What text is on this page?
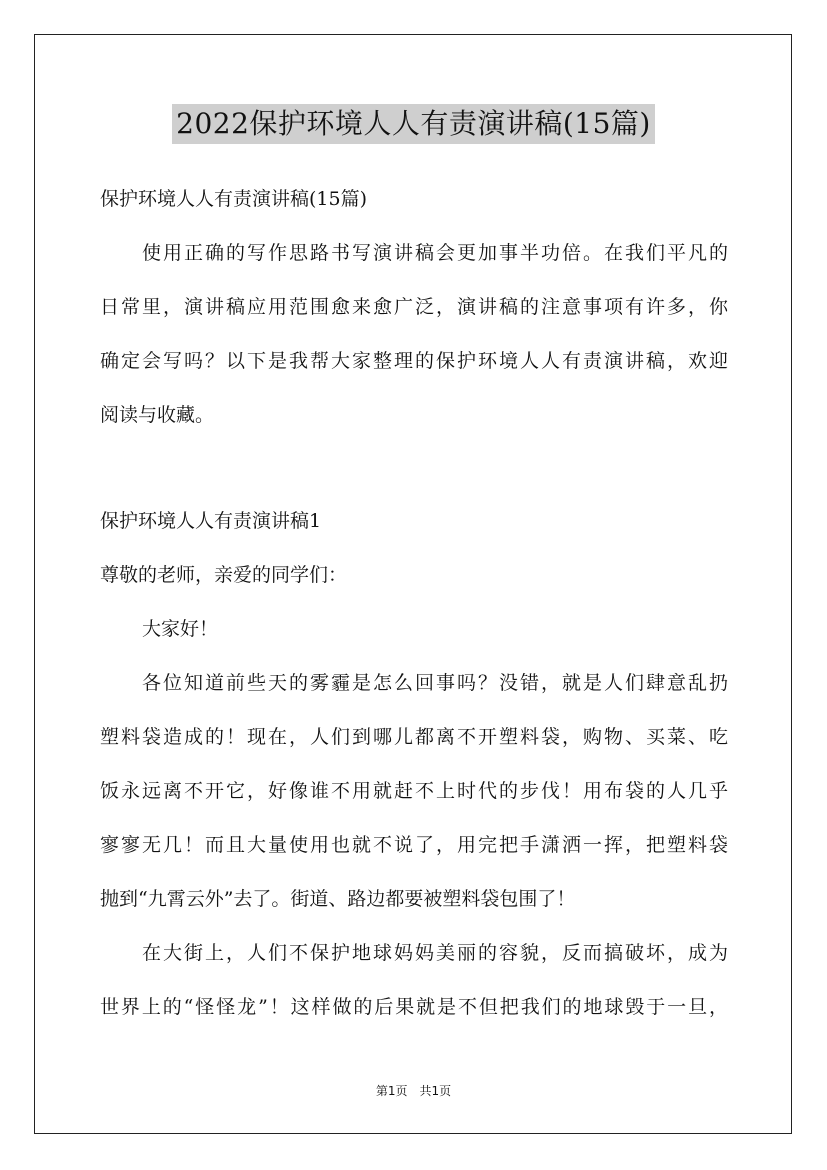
2022保护环境人人有责演讲稿(15篇)
保护环境人人有责演讲稿(15篇)
使用正确的写作思路书写演讲稿会更加事半功倍。在我们平凡的
日常里，演讲稿应用范围愈来愈广泛，演讲稿的注意事项有许多，你
确定会写吗？以下是我帮大家整理的保护环境人人有责演讲稿，欢迎
阅读与收藏。
保护环境人人有责演讲稿1
尊敬的老师，亲爱的同学们：
大家好！
各位知道前些天的雾霾是怎么回事吗？没错，就是人们肆意乱扔
塑料袋造成的！现在，人们到哪儿都离不开塑料袋，购物、买菜、吃
饭永远离不开它，好像谁不用就赶不上时代的步伐！用布袋的人几乎
寥寥无几！而且大量使用也就不说了，用完把手潇洒一挥，把塑料袋
抛到“九霄云外”去了。街道、路边都要被塑料袋包围了！
在大街上，人们不保护地球妈妈美丽的容貌，反而搞破坏，成为
世界上的“怪怪龙”！这样做的后果就是不但把我们的地球毁于一旦，
第1页 共1页
